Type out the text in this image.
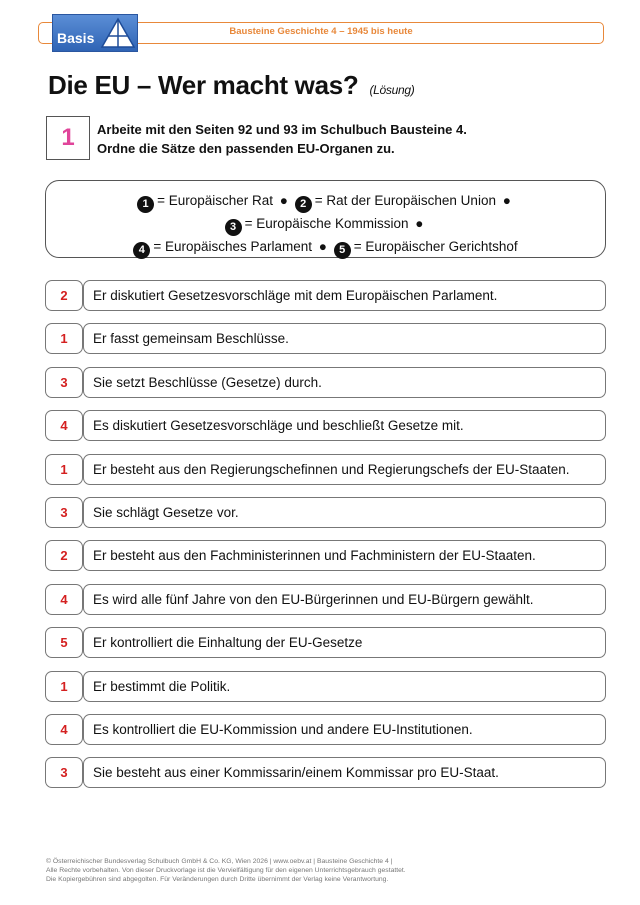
Bausteine Geschichte 4 – 1945 bis heute
Basis
Die EU – Wer macht was? (Lösung)
1	Arbeite mit den Seiten 92 und 93 im Schulbuch Bausteine 4.
Ordne die Sätze den passenden EU-Organen zu.
1 = Europäischer Rat ● 2 = Rat der Europäischen Union ●
3 = Europäische Kommission ●
4 = Europäisches Parlament ● 5 = Europäischer Gerichtshof
2	Er diskutiert Gesetzesvorschläge mit dem Europäischen Parlament.
1	Er fasst gemeinsam Beschlüsse.
3	Sie setzt Beschlüsse (Gesetze) durch.
4	Es diskutiert Gesetzesvorschläge und beschließt Gesetze mit.
1	Er besteht aus den Regierungschefinnen und Regierungschefs der EU-Staaten.
3	Sie schlägt Gesetze vor.
2	Er besteht aus den Fachministerinnen und Fachministern der EU-Staaten.
4	Es wird alle fünf Jahre von den EU-Bürgerinnen und EU-Bürgern gewählt.
5	Er kontrolliert die Einhaltung der EU-Gesetze
1	Er bestimmt die Politik.
4	Es kontrolliert die EU-Kommission und andere EU-Institutionen.
3	Sie besteht aus einer Kommissarin/einem Kommissar pro EU-Staat.
© Österreichischer Bundesverlag Schulbuch GmbH & Co. KG, Wien 2026 | www.oebv.at | Bausteine Geschichte 4 |
Alle Rechte vorbehalten. Von dieser Druckvorlage ist die Vervielfältigung für den eigenen Unterrichtsgebrauch gestattet.
Die Kopiergebühren sind abgegolten. Für Veränderungen durch Dritte übernimmt der Verlag keine Verantwortung.
